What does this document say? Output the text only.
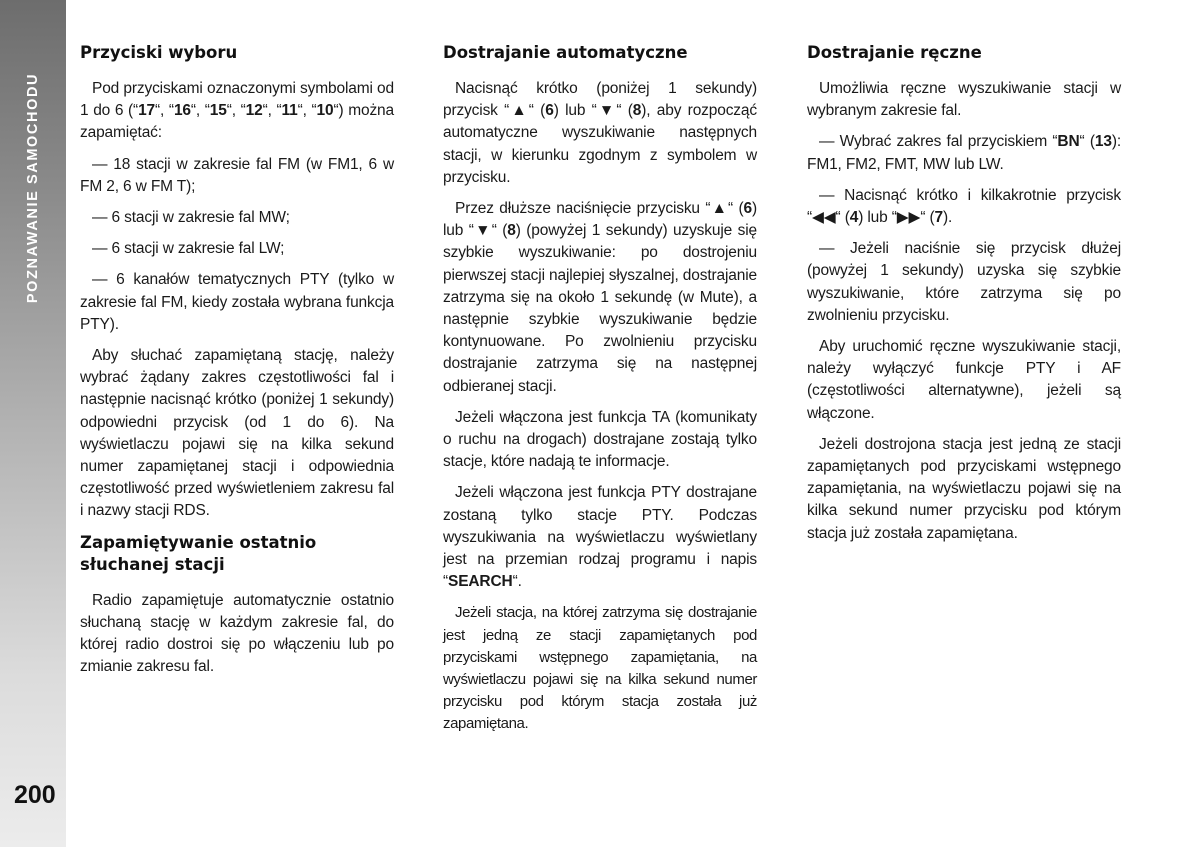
POZNAWANIE SAMOCHODU
200
Przyciski wyboru

Pod przyciskami oznaczonymi symbolami od 1 do 6 (“17“, “16“, “15“, “12“, “11“, “10“) można zapamiętać:

— 18 stacji w zakresie fal FM (w FM1, 6 w FM 2, 6 w FM T);

— 6 stacji w zakresie fal MW;

— 6 stacji w zakresie fal LW;

— 6 kanałów tematycznych PTY (tylko w zakresie fal FM, kiedy została wybrana funkcja PTY).

Aby słuchać zapamiętaną stację, należy wybrać żądany zakres częstotliwości fal i następnie nacisnąć krótko (poniżej 1 sekundy) odpowiedni przycisk (od 1 do 6). Na wyświetlaczu pojawi się na kilka sekund numer zapamiętanej stacji i odpowiednia częstotliwość przed wyświetleniem zakresu fal i nazwy stacji RDS.

Zapamiętywanie ostatnio słuchanej stacji

Radio zapamiętuje automatycznie ostatnio słuchaną stację w każdym zakresie fal, do której radio dostroi się po włączeniu lub po zmianie zakresu fal.

Dostrajanie automatyczne

Nacisnąć krótko (poniżej 1 sekundy) przycisk “▲“ (6) lub “▼“ (8), aby rozpocząć automatyczne wyszukiwanie następnych stacji, w kierunku zgodnym z symbolem w przycisku.

Przez dłuższe naciśnięcie przycisku “▲“ (6) lub “▼“ (8) (powyżej 1 sekundy) uzyskuje się szybkie wyszukiwanie: po dostrojeniu pierwszej stacji najlepiej słyszalnej, dostrajanie zatrzyma się na około 1 sekundę (w Mute), a następnie szybkie wyszukiwanie będzie kontynuowane. Po zwolnieniu przycisku dostrajanie zatrzyma się na następnej odbieranej stacji.

Jeżeli włączona jest funkcja TA (komunikaty o ruchu na drogach) dostrajane zostają tylko stacje, które nadają te informacje.

Jeżeli włączona jest funkcja PTY dostrajane zostaną tylko stacje PTY. Podczas wyszukiwania na wyświetlaczu wyświetlany jest na przemian rodzaj programu i napis “SEARCH“.

Jeżeli stacja, na której zatrzyma się dostrajanie jest jedną ze stacji zapamiętanych pod przyciskami wstępnego zapamiętania, na wyświetlaczu pojawi się na kilka sekund numer przycisku pod którym stacja została już zapamiętana.

Dostrajanie ręczne

Umożliwia ręczne wyszukiwanie stacji w wybranym zakresie fal.

— Wybrać zakres fal przyciskiem “BN“ (13): FM1, FM2, FMT, MW lub LW.

— Nacisnąć krótko i kilkakrotnie przycisk “◀◀“ (4) lub “▶▶“ (7).

— Jeżeli naciśnie się przycisk dłużej (powyżej 1 sekundy) uzyska się szybkie wyszukiwanie, które zatrzyma się po zwolnieniu przycisku.

Aby uruchomić ręczne wyszukiwanie stacji, należy wyłączyć funkcje PTY i AF (częstotliwości alternatywne), jeżeli są włączone.

Jeżeli dostrojona stacja jest jedną ze stacji zapamiętanych pod przyciskami wstępnego zapamiętania, na wyświetlaczu pojawi się na kilka sekund numer przycisku pod którym stacja już została zapamiętana.
